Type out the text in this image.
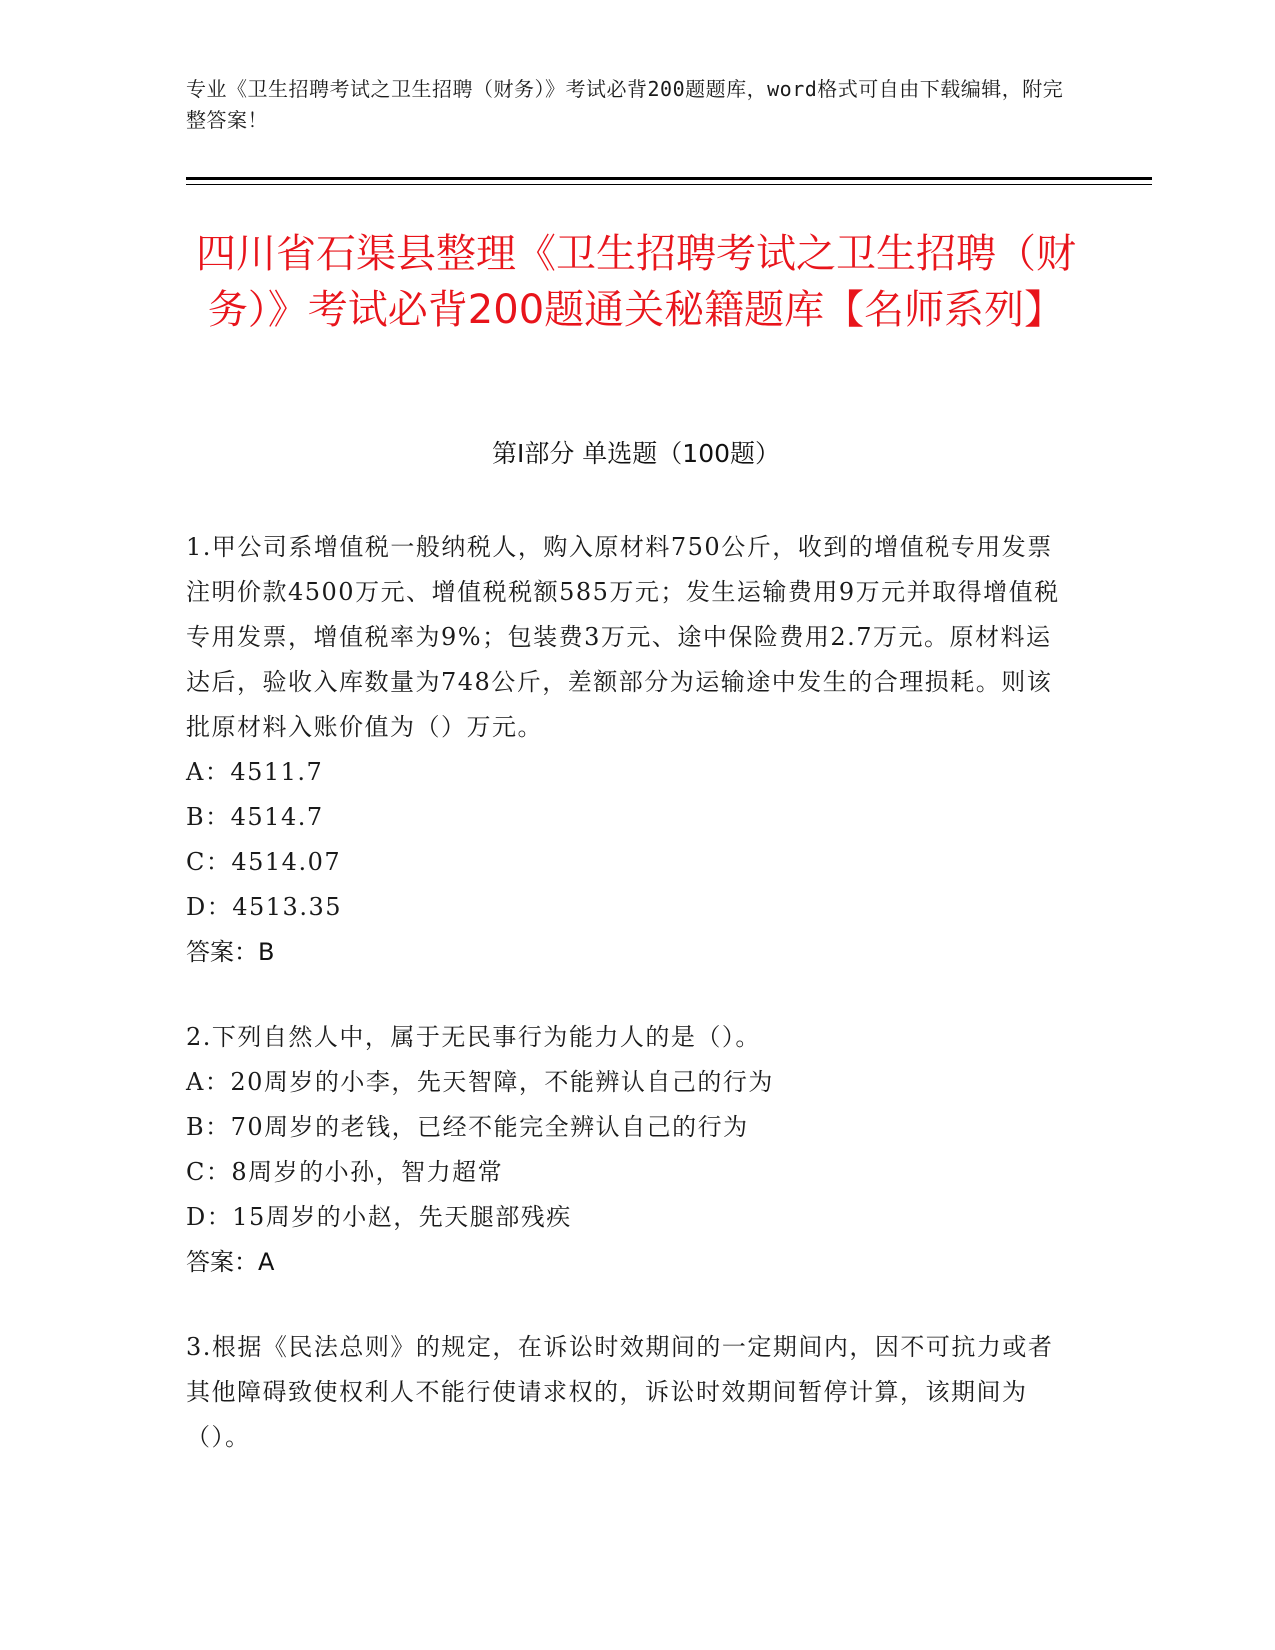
专业《卫生招聘考试之卫生招聘（财务）》考试必背200题题库，word格式可自由下载编辑，附完整答案！
四川省石渠县整理《卫生招聘考试之卫生招聘（财务）》考试必背200题通关秘籍题库【名师系列】
第I部分 单选题（100题）

1.甲公司系增值税一般纳税人，购入原材料750公斤，收到的增值税专用发票注明价款4500万元、增值税税额585万元；发生运输费用9万元并取得增值税专用发票，增值税率为9%；包装费3万元、途中保险费用2.7万元。原材料运达后，验收入库数量为748公斤，差额部分为运输途中发生的合理损耗。则该批原材料入账价值为（）万元。

A：4511.7

B：4514.7

C：4514.07

D：4513.35

答案：B

2.下列自然人中，属于无民事行为能力人的是（）。

A：20周岁的小李，先天智障，不能辨认自己的行为

B：70周岁的老钱，已经不能完全辨认自己的行为

C：8周岁的小孙，智力超常

D：15周岁的小赵，先天腿部残疾

答案：A

3.根据《民法总则》的规定，在诉讼时效期间的一定期间内，因不可抗力或者其他障碍致使权利人不能行使请求权的，诉讼时效期间暂停计算，该期间为（）。
